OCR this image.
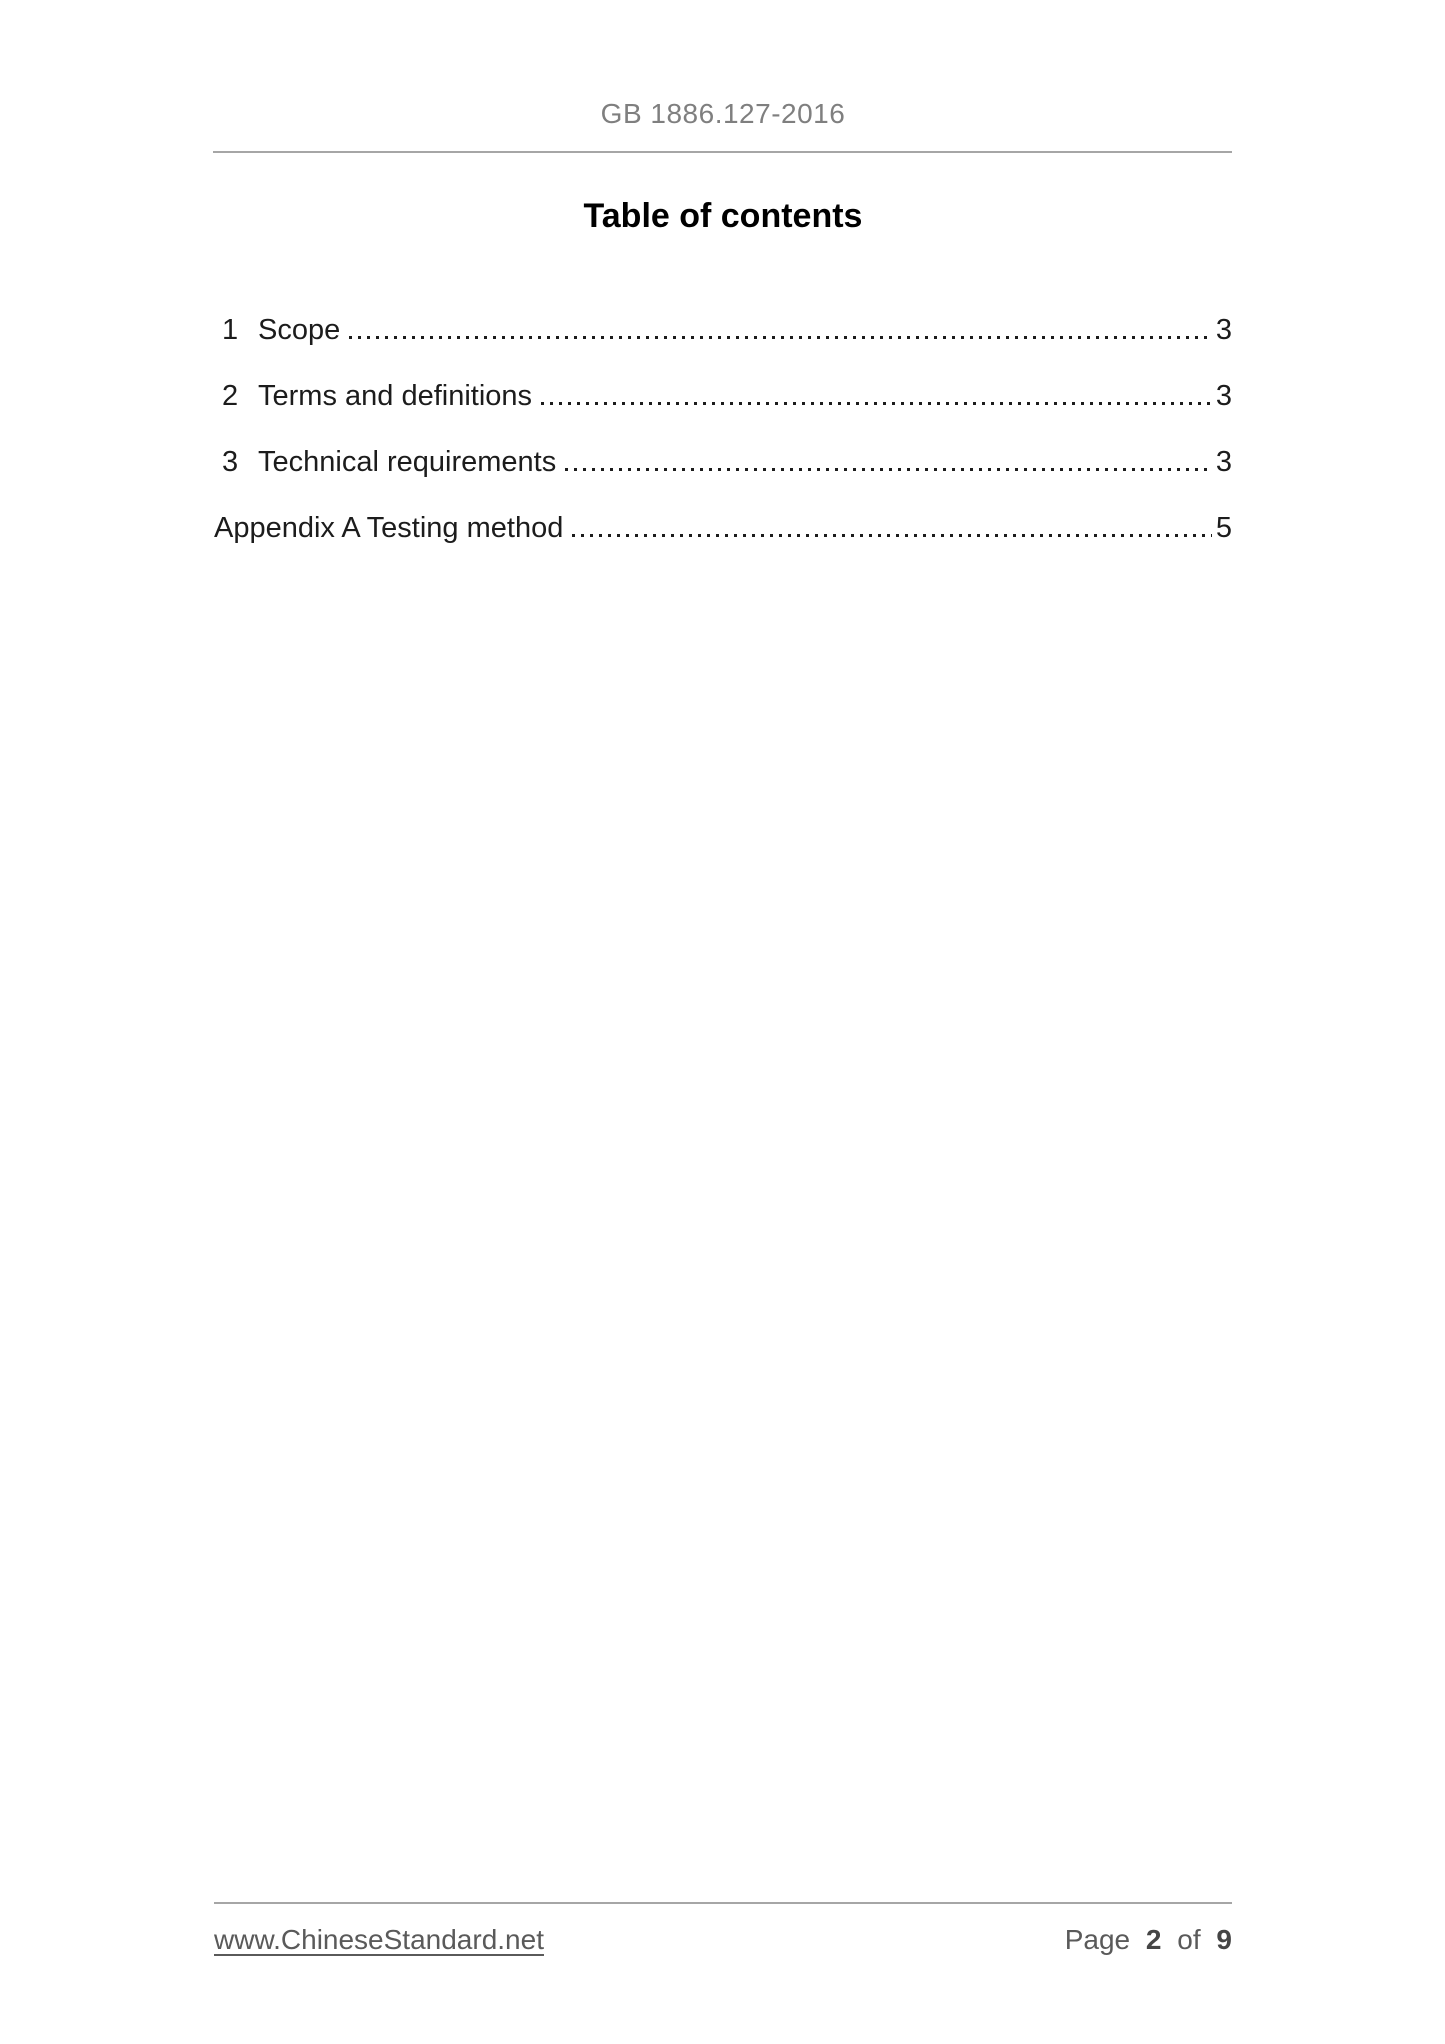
GB 1886.127-2016
Table of contents
1 Scope	3
2 Terms and definitions	3
3 Technical requirements	3
Appendix A Testing method	5
www.ChineseStandard.net	Page 2 of 9
